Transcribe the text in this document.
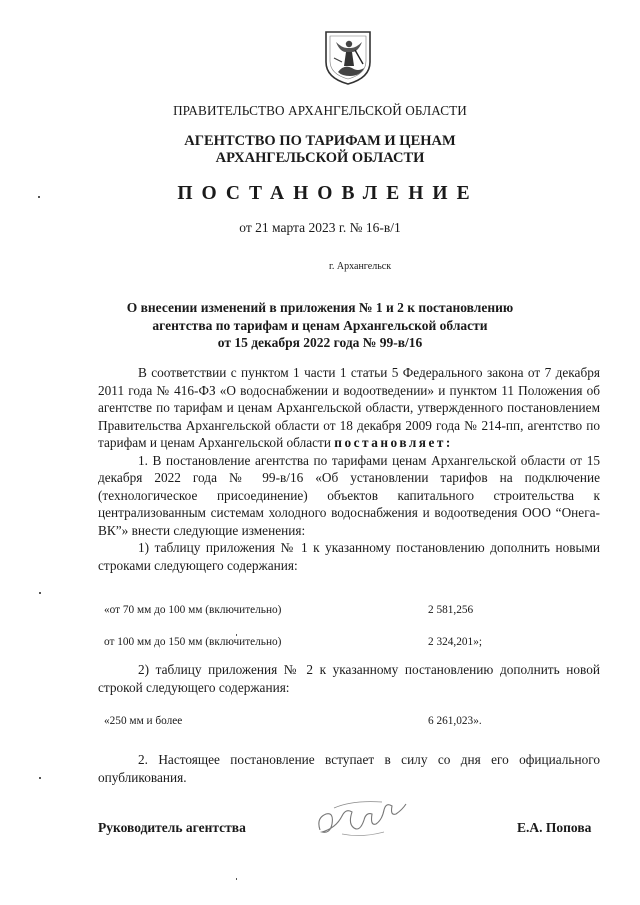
ПРАВИТЕЛЬСТВО АРХАНГЕЛЬСКОЙ ОБЛАСТИ
АГЕНТСТВО ПО ТАРИФАМ И ЦЕНАМ
АРХАНГЕЛЬСКОЙ ОБЛАСТИ
ПОСТАНОВЛЕНИЕ
от 21 марта 2023 г. № 16-в/1
г. Архангельск
О внесении изменений в приложения № 1 и 2 к постановлению
агентства по тарифам и ценам Архангельской области
от 15 декабря 2022 года № 99-в/16

В соответствии с пунктом 1 части 1 статьи 5 Федерального закона от 7 декабря 2011 года № 416-ФЗ «О водоснабжении и водоотведении» и пунктом 11 Положения об агентстве по тарифам и ценам Архангельской области, утвержденного постановлением Правительства Архангельской области от 18 декабря 2009 года № 214-пп, агентство по тарифам и ценам Архангельской области постановляет:

1. В постановление агентства по тарифами ценам Архангельской области от 15 декабря 2022 года № 99-в/16 «Об установлении тарифов на подключение (технологическое присоединение) объектов капитального строительства к централизованным системам холодного водоснабжения и водоотведения ООО “Онега-ВК”» внести следующие изменения:

1) таблицу приложения № 1 к указанному постановлению дополнить новыми строками следующего содержания:

«от 70 мм до 100 мм (включительно)	2 581,256
от 100 мм до 150 мм (включительно)	2 324,201»;

2) таблицу приложения № 2 к указанному постановлению дополнить новой строкой следующего содержания:

«250 мм и более	6 261,023».

2. Настоящее постановление вступает в силу со дня его официального опубликования.

Руководитель агентства	Е.А. Попова
